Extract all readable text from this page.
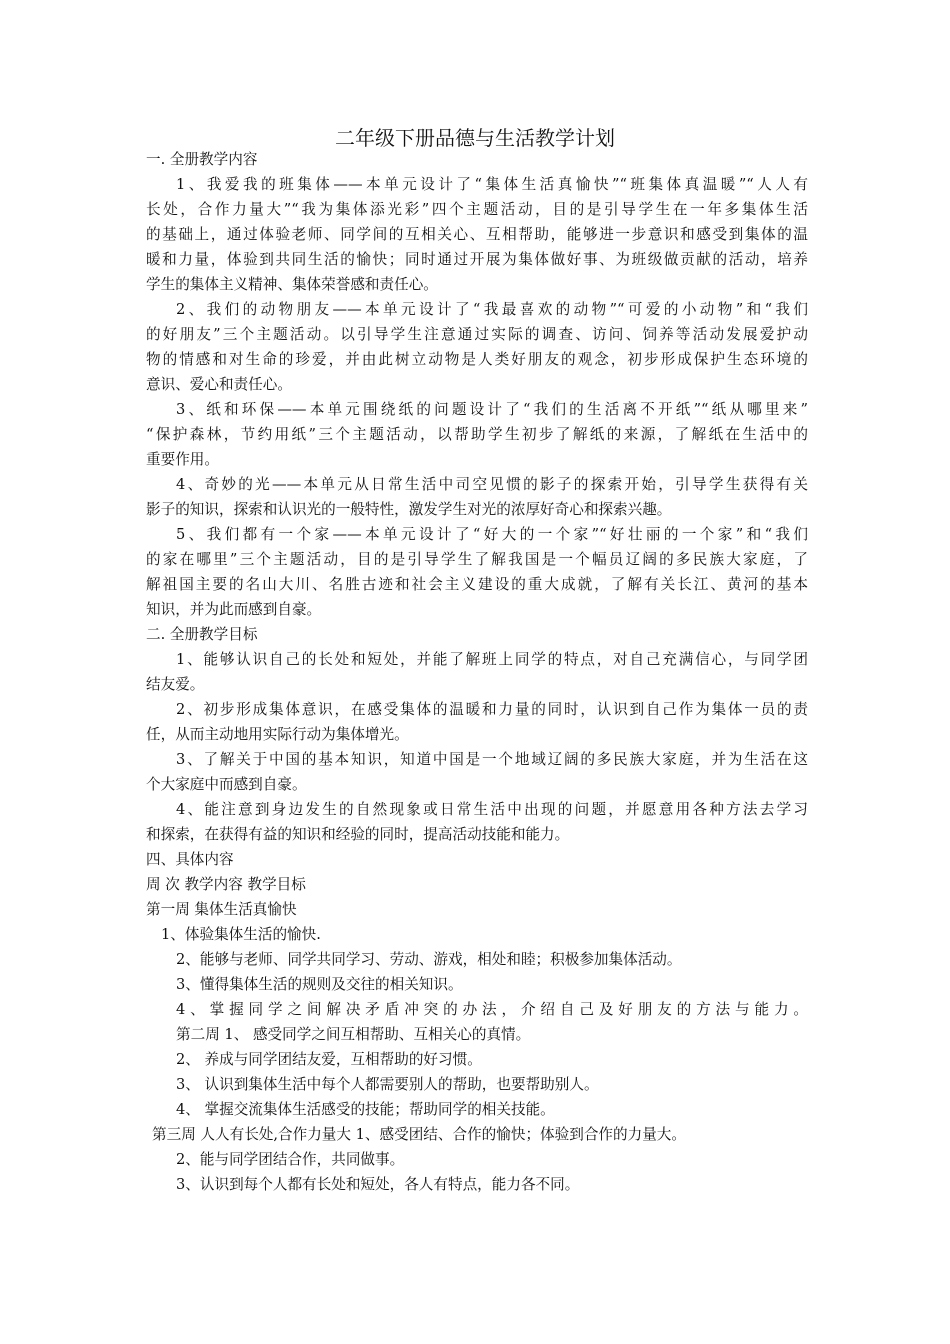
二年级下册品德与生活教学计划
一. 全册教学内容
1、我爱我的班集体——本单元设计了“集体生活真愉快”“班集体真温暖”“人人有
长处，合作力量大”“我为集体添光彩”四个主题活动，目的是引导学生在一年多集体生活
的基础上，通过体验老师、同学间的互相关心、互相帮助，能够进一步意识和感受到集体的温
暖和力量，体验到共同生活的愉快；同时通过开展为集体做好事、为班级做贡献的活动，培养
学生的集体主义精神、集体荣誉感和责任心。
2、我们的动物朋友——本单元设计了“我最喜欢的动物”“可爱的小动物”和“我们
的好朋友”三个主题活动。以引导学生注意通过实际的调查、访问、饲养等活动发展爱护动
物的情感和对生命的珍爱，并由此树立动物是人类好朋友的观念，初步形成保护生态环境的
意识、爱心和责任心。
3、纸和环保——本单元围绕纸的问题设计了“我们的生活离不开纸”“纸从哪里来”
“保护森林，节约用纸”三个主题活动，以帮助学生初步了解纸的来源，了解纸在生活中的
重要作用。
4、奇妙的光——本单元从日常生活中司空见惯的影子的探索开始，引导学生获得有关
影子的知识，探索和认识光的一般特性，激发学生对光的浓厚好奇心和探索兴趣。
5、我们都有一个家——本单元设计了“好大的一个家”“好壮丽的一个家”和“我们
的家在哪里”三个主题活动，目的是引导学生了解我国是一个幅员辽阔的多民族大家庭，了
解祖国主要的名山大川、名胜古迹和社会主义建设的重大成就，了解有关长江、黄河的基本
知识，并为此而感到自豪。
二. 全册教学目标
1、能够认识自己的长处和短处，并能了解班上同学的特点，对自己充满信心，与同学团
结友爱。
2、初步形成集体意识，在感受集体的温暖和力量的同时，认识到自己作为集体一员的责
任，从而主动地用实际行动为集体增光。
3、了解关于中国的基本知识，知道中国是一个地域辽阔的多民族大家庭，并为生活在这
个大家庭中而感到自豪。
4、能注意到身边发生的自然现象或日常生活中出现的问题，并愿意用各种方法去学习
和探索，在获得有益的知识和经验的同时，提高活动技能和能力。
四、具体内容
周 次 教学内容 教学目标
第一周 集体生活真愉快
1、体验集体生活的愉快.
2、能够与老师、同学共同学习、劳动、游戏，相处和睦；积极参加集体活动。
3、懂得集体生活的规则及交往的相关知识。
4、掌握同学之间解决矛盾冲突的办法，介绍自己及好朋友的方法与能力。
第二周 1、 感受同学之间互相帮助、互相关心的真情。
2、 养成与同学团结友爱，互相帮助的好习惯。
3、 认识到集体生活中每个人都需要别人的帮助，也要帮助别人。
4、 掌握交流集体生活感受的技能；帮助同学的相关技能。
第三周 人人有长处,合作力量大 1、感受团结、合作的愉快；体验到合作的力量大。
2、能与同学团结合作，共同做事。
3、认识到每个人都有长处和短处，各人有特点，能力各不同。
